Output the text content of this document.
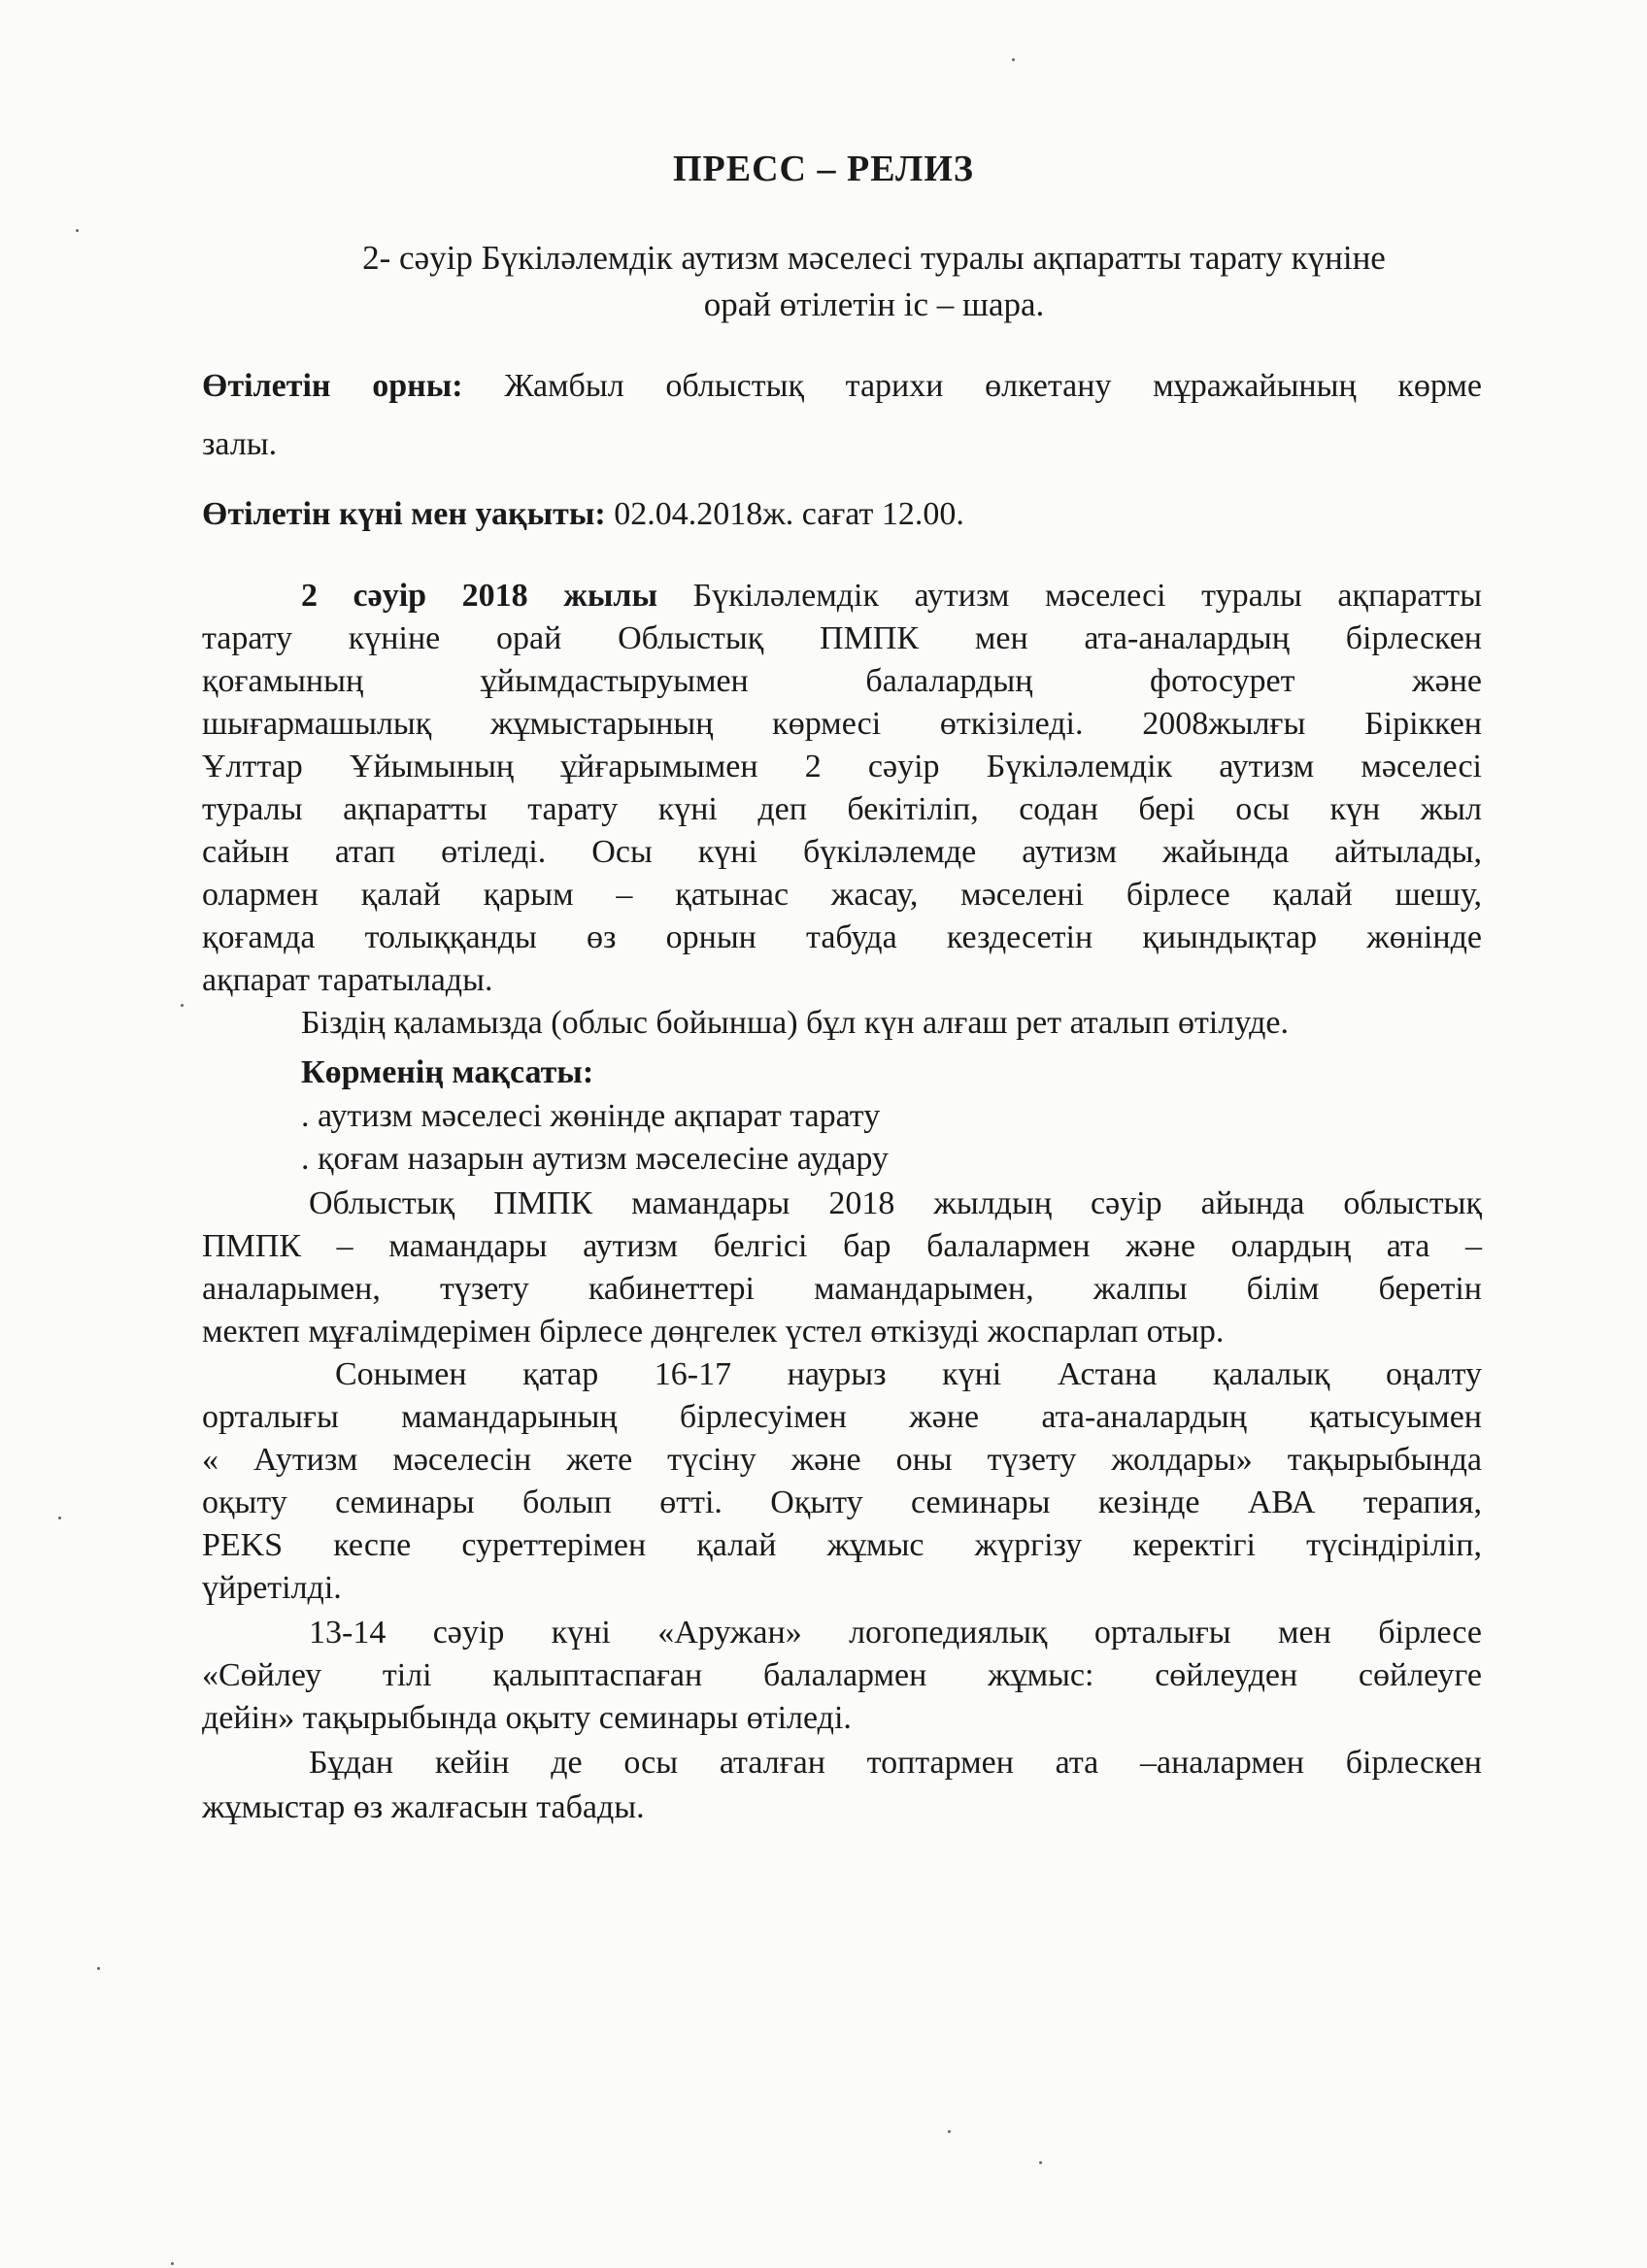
ПРЕСС – РЕЛИЗ
2- сәуір Бүкіләлемдік аутизм мәселесі туралы ақпаратты тарату күніне
орай өтілетін іс – шара.
Өтілетін орны: Жамбыл облыстық тарихи өлкетану мұражайының көрме
залы.
Өтілетін күні мен уақыты: 02.04.2018ж. сағат 12.00.
2 сәуір 2018 жылы Бүкіләлемдік аутизм мәселесі туралы ақпаратты
тарату күніне орай Облыстық ПМПК мен ата-аналардың бірлескен
қоғамының ұйымдастыруымен балалардың фотосурет және
шығармашылық жұмыстарының көрмесі өткізіледі. 2008жылғы Біріккен
Ұлттар Ұйымының ұйғарымымен 2 сәуір Бүкіләлемдік аутизм мәселесі
туралы ақпаратты тарату күні деп бекітіліп, содан бері осы күн жыл
сайын атап өтіледі. Осы күні бүкіләлемде аутизм жайында айтылады,
олармен қалай қарым – қатынас жасау, мәселені бірлесе қалай шешу,
қоғамда толыққанды өз орнын табуда кездесетін қиындықтар жөнінде
ақпарат таратылады.
Біздің қаламызда (облыс бойынша) бұл күн алғаш рет аталып өтілуде.
Көрменің мақсаты:
. аутизм мәселесі жөнінде ақпарат тарату
. қоғам назарын аутизм мәселесіне аудару
Облыстық ПМПК мамандары 2018 жылдың сәуір айында облыстық
ПМПК – мамандары аутизм белгісі бар балалармен және олардың ата –
аналарымен, түзету кабинеттері мамандарымен, жалпы білім беретін
мектеп мұғалімдерімен бірлесе дөңгелек үстел өткізуді жоспарлап отыр.
Сонымен қатар 16-17 наурыз күні Астана қалалық оңалту
орталығы мамандарының бірлесуімен және ата-аналардың қатысуымен
« Аутизм мәселесін жете түсіну және оны түзету жолдары» тақырыбында
оқыту семинары болып өтті. Оқыту семинары кезінде АВА терапия,
PEKS кеспе суреттерімен қалай жұмыс жүргізу керектігі түсіндіріліп,
үйретілді.
13-14 сәуір күні «Аружан» логопедиялық орталығы мен бірлесе
«Сөйлеу тілі қалыптаспаған балалармен жұмыс: сөйлеуден сөйлеуге
дейін» тақырыбында оқыту семинары өтіледі.
Бұдан кейін де осы аталған топтармен ата –аналармен бірлескен
жұмыстар өз жалғасын табады.
